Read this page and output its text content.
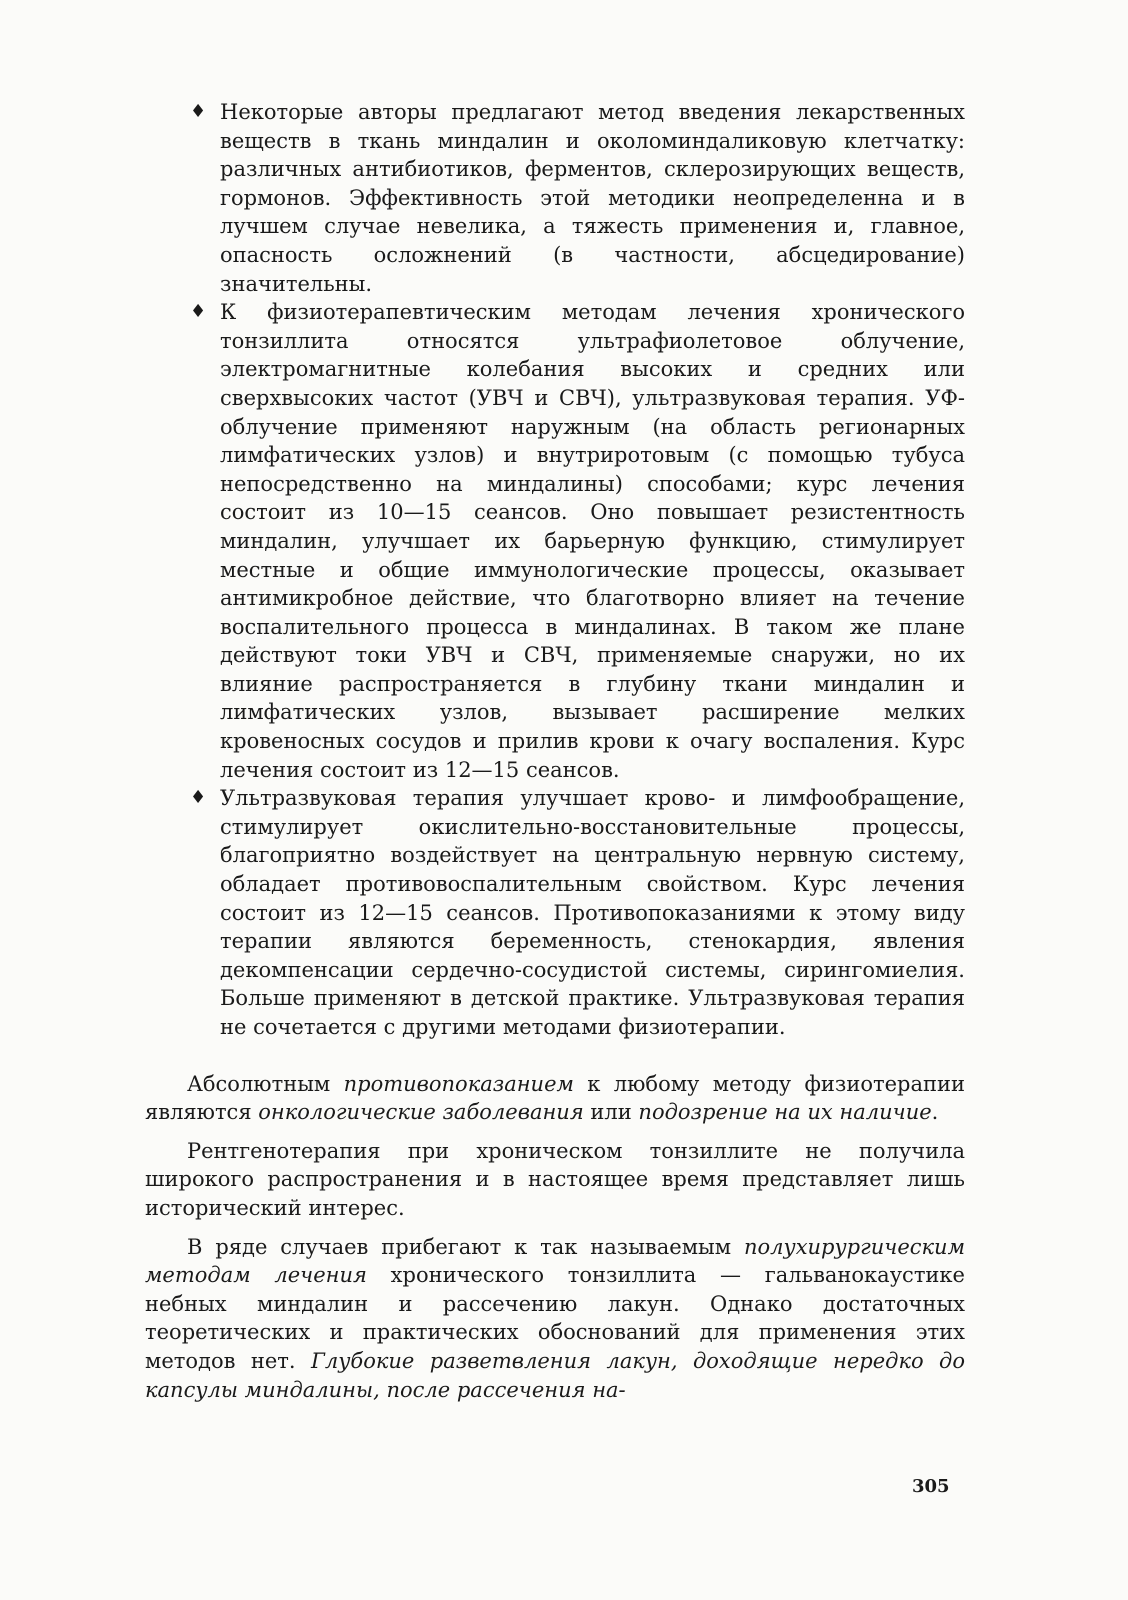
♦ Некоторые авторы предлагают метод введения лекарственных веществ в ткань миндалин и околоминдаликовую клетчатку: различных антибиотиков, ферментов, склерозирующих веществ, гормонов. Эффективность этой методики неопределенна и в лучшем случае невелика, а тяжесть применения и, главное, опасность осложнений (в частности, абсцедирование) значительны.
♦ К физиотерапевтическим методам лечения хронического тонзиллита относятся ультрафиолетовое облучение, электромагнитные колебания высоких и средних или сверхвысоких частот (УВЧ и СВЧ), ультразвуковая терапия. УФ-облучение применяют наружным (на область регионарных лимфатических узлов) и внутриротовым (с помощью тубуса непосредственно на миндалины) способами; курс лечения состоит из 10—15 сеансов. Оно повышает резистентность миндалин, улучшает их барьерную функцию, стимулирует местные и общие иммунологические процессы, оказывает антимикробное действие, что благотворно влияет на течение воспалительного процесса в миндалинах. В таком же плане действуют токи УВЧ и СВЧ, применяемые снаружи, но их влияние распространяется в глубину ткани миндалин и лимфатических узлов, вызывает расширение мелких кровеносных сосудов и прилив крови к очагу воспаления. Курс лечения состоит из 12—15 сеансов.
♦ Ультразвуковая терапия улучшает крово- и лимфообращение, стимулирует окислительно-восстановительные процессы, благоприятно воздействует на центральную нервную систему, обладает противовоспалительным свойством. Курс лечения состоит из 12—15 сеансов. Противопоказаниями к этому виду терапии являются беременность, стенокардия, явления декомпенсации сердечно-сосудистой системы, сирингомиелия. Больше применяют в детской практике. Ультразвуковая терапия не сочетается с другими методами физиотерапии.

Абсолютным противопоказанием к любому методу физиотерапии являются онкологические заболевания или подозрение на их наличие.

Рентгенотерапия при хроническом тонзиллите не получила широкого распространения и в настоящее время представляет лишь исторический интерес.

В ряде случаев прибегают к так называемым полухирургическим методам лечения хронического тонзиллита — гальванокаустике небных миндалин и рассечению лакун. Однако достаточных теоретических и практических обоснований для применения этих методов нет. Глубокие разветвления лакун, доходящие нередко до капсулы миндалины, после рассечения на-

305
